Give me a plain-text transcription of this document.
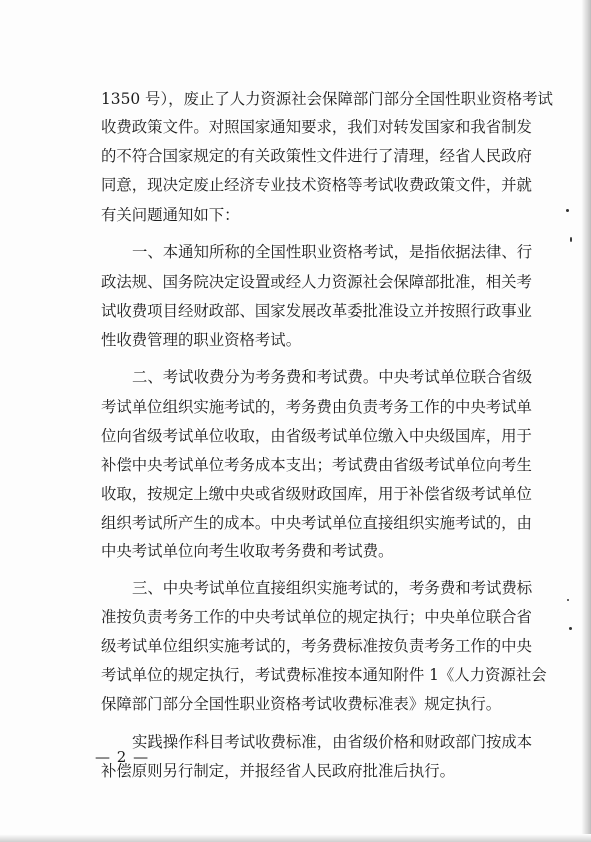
1350 号），废止了人力资源社会保障部门部分全国性职业资格考试

收费政策文件。对照国家通知要求，我们对转发国家和我省制发

的不符合国家规定的有关政策性文件进行了清理，经省人民政府

同意，现决定废止经济专业技术资格等考试收费政策文件，并就

有关问题通知如下：

一、本通知所称的全国性职业资格考试，是指依据法律、行

政法规、国务院决定设置或经人力资源社会保障部批准，相关考

试收费项目经财政部、国家发展改革委批准设立并按照行政事业

性收费管理的职业资格考试。

二、考试收费分为考务费和考试费。中央考试单位联合省级

考试单位组织实施考试的，考务费由负责考务工作的中央考试单

位向省级考试单位收取，由省级考试单位缴入中央级国库，用于

补偿中央考试单位考务成本支出；考试费由省级考试单位向考生

收取，按规定上缴中央或省级财政国库，用于补偿省级考试单位

组织考试所产生的成本。中央考试单位直接组织实施考试的，由

中央考试单位向考生收取考务费和考试费。

三、中央考试单位直接组织实施考试的，考务费和考试费标

准按负责考务工作的中央考试单位的规定执行；中央单位联合省

级考试单位组织实施考试的，考务费标准按负责考务工作的中央

考试单位的规定执行，考试费标准按本通知附件 1《人力资源社会

保障部门部分全国性职业资格考试收费标准表》规定执行。

实践操作科目考试收费标准，由省级价格和财政部门按成本

补偿原则另行制定，并报经省人民政府批准后执行。

— 2 —
